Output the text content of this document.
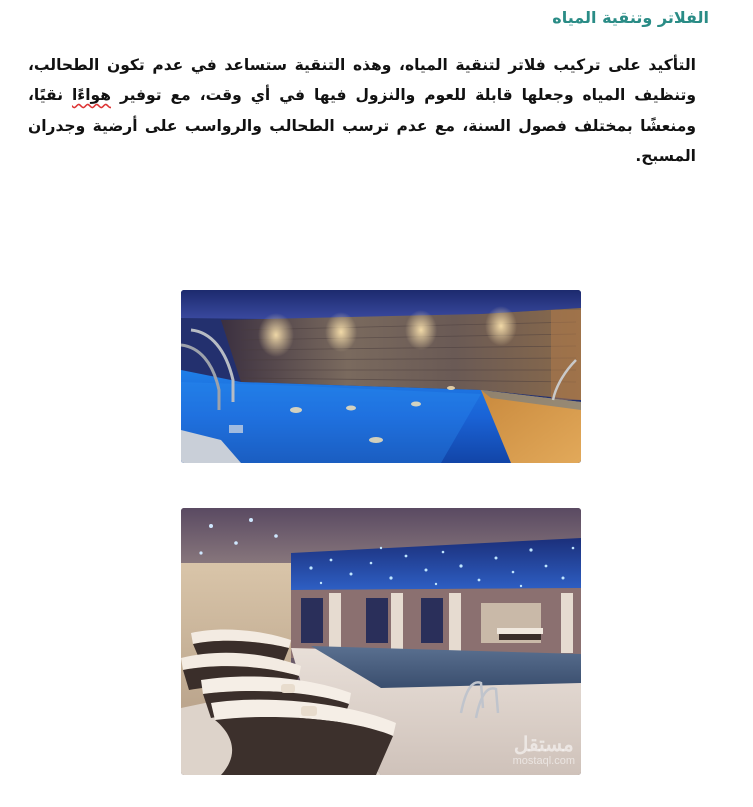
الفلاتر وتنقية المياه

التأكيد على تركيب فلاتر لتنقية المياه، وهذه التنقية ستساعد في عدم تكون الطحالب، وتنظيف المياه وجعلها قابلة للعوم والنزول فيها في أي وقت، مع توفير هواءًا نقيًا، ومنعشًا بمختلف فصول السنة، مع عدم ترسب الطحالب والرواسب على أرضية وجدران المسبح.

مستقل
mostaql.com
